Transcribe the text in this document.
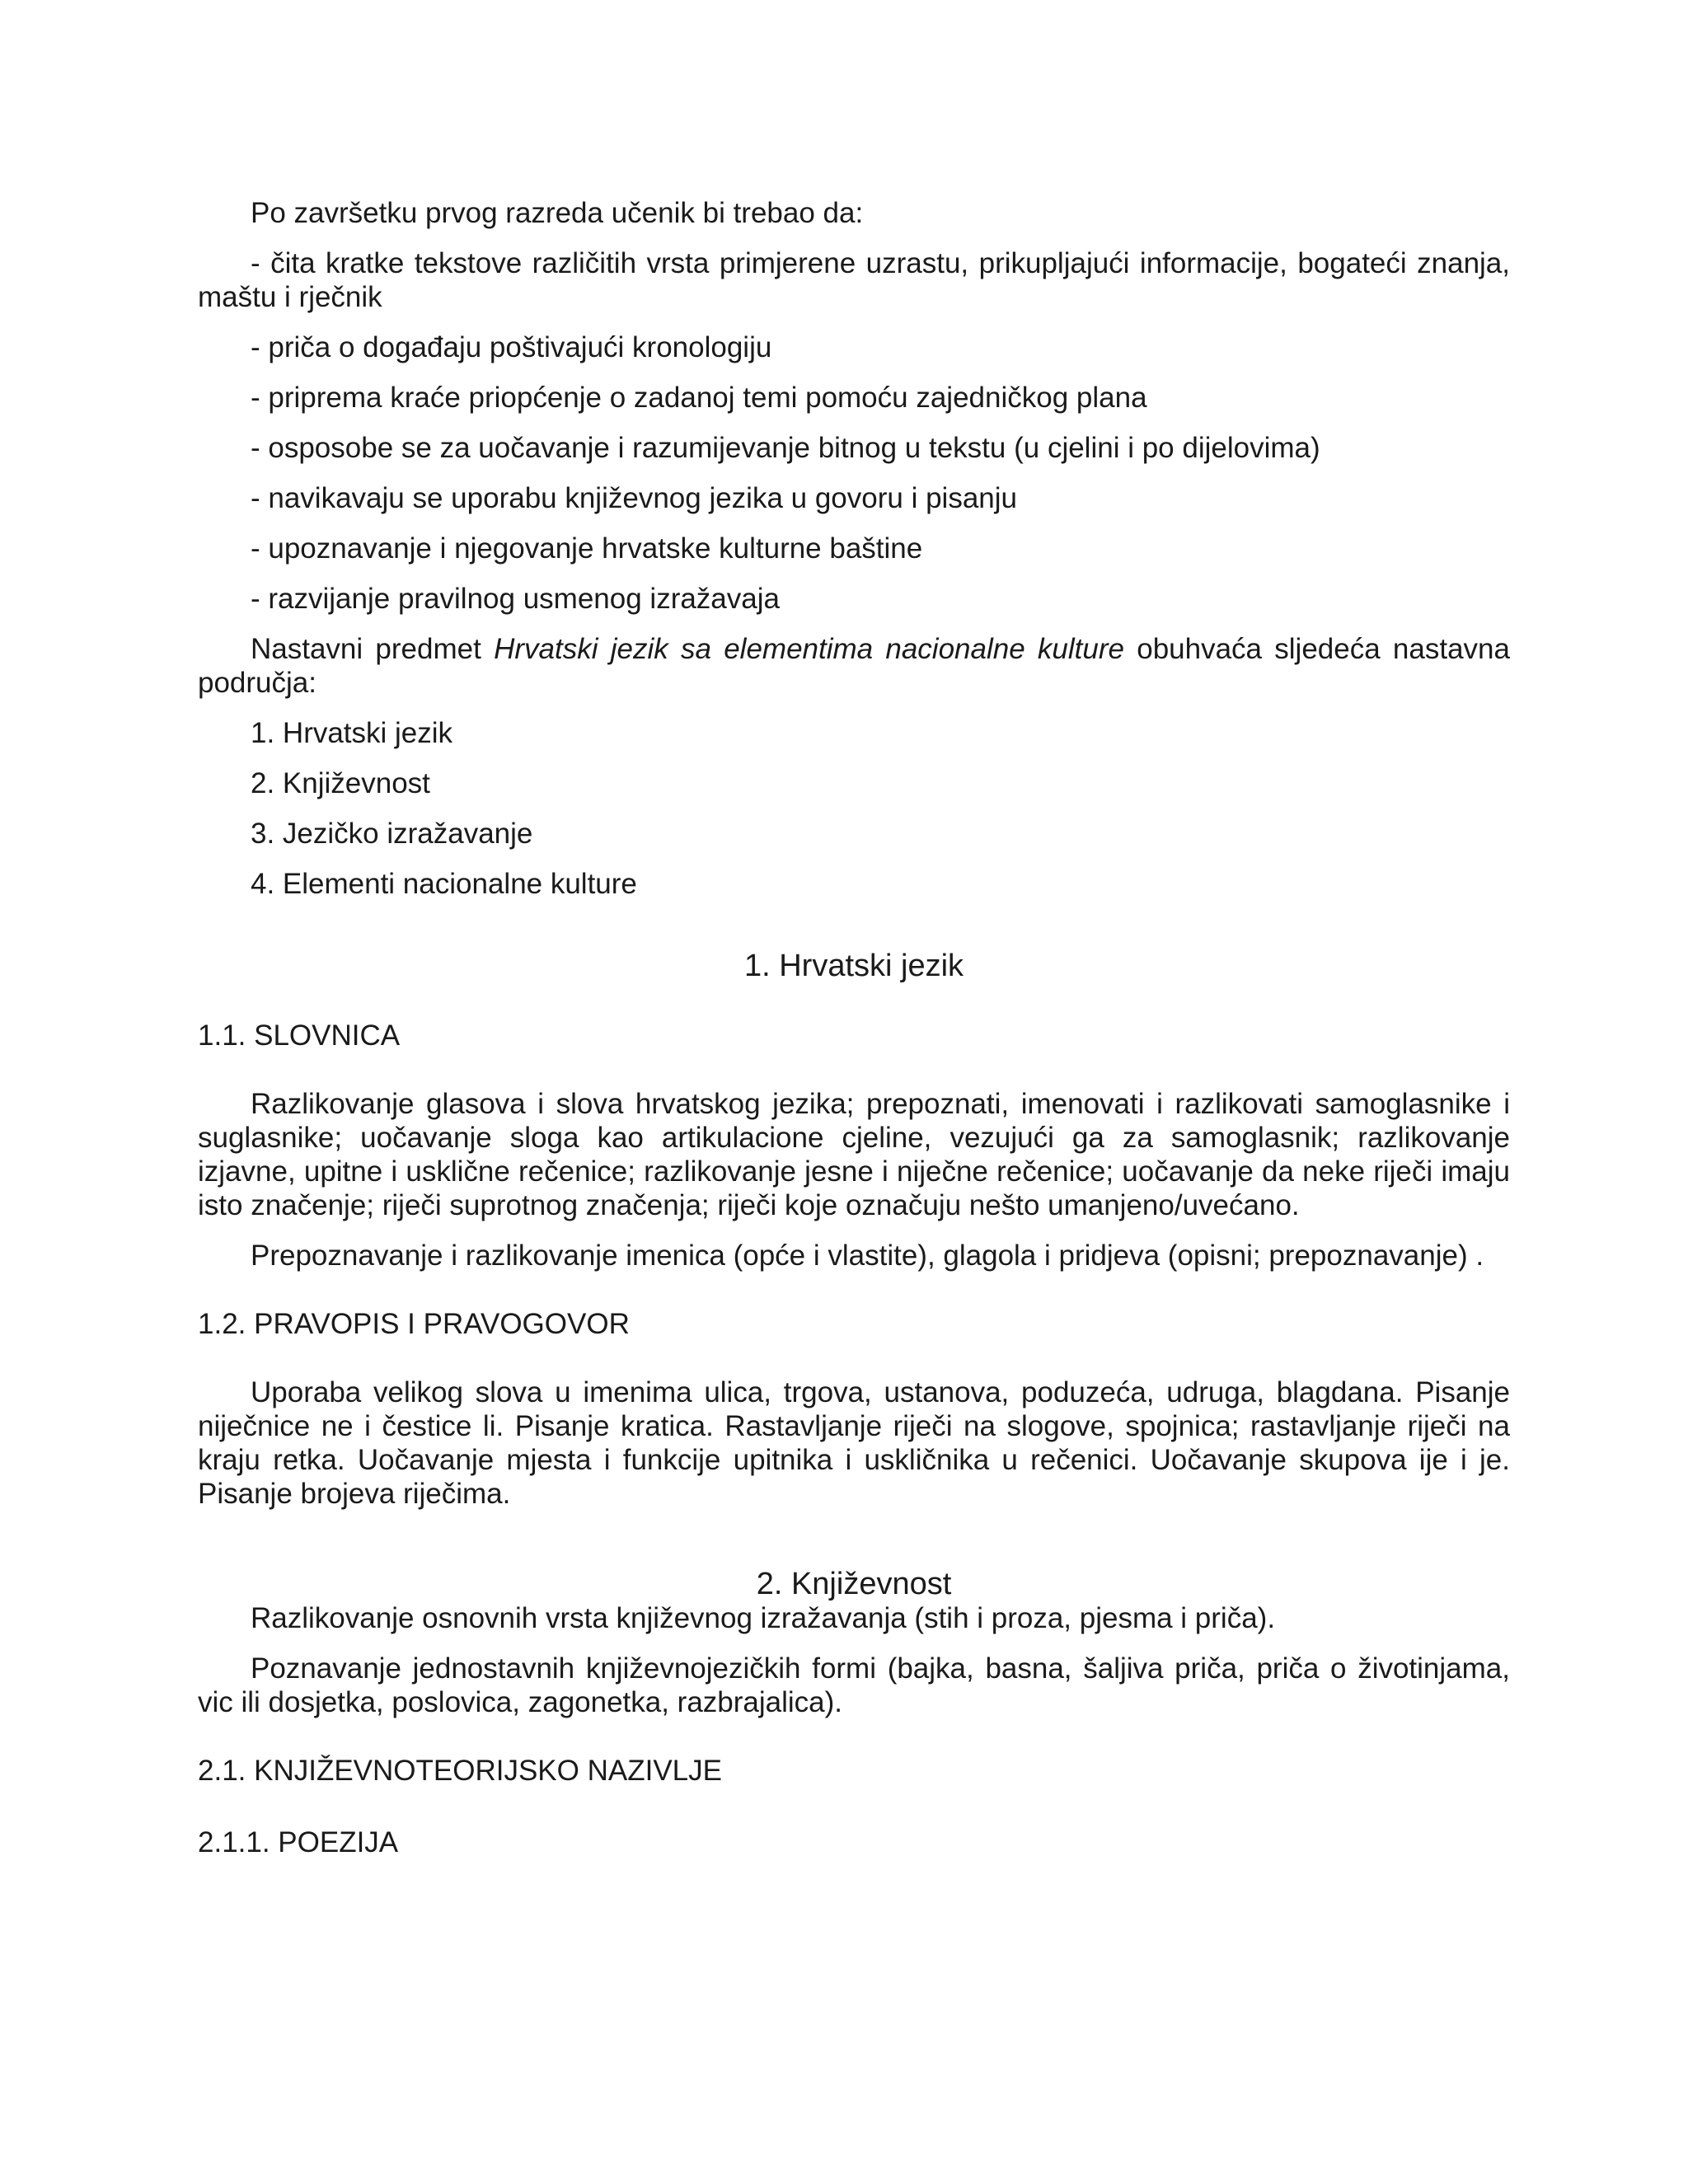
Po završetku prvog razreda učenik bi trebao da:

- čita kratke tekstove različitih vrsta primjerene uzrastu, prikupljajući informacije, bogateći znanja, maštu i rječnik

- priča o događaju poštivajući kronologiju

- priprema kraće priopćenje o zadanoj temi pomoću zajedničkog plana

- osposobe se za uočavanje i razumijevanje bitnog u tekstu (u cjelini i po dijelovima)

- navikavaju se uporabu književnog jezika u govoru i pisanju

- upoznavanje i njegovanje hrvatske kulturne baštine

- razvijanje pravilnog usmenog izražavaja

Nastavni predmet Hrvatski jezik sa elementima nacionalne kulture obuhvaća sljedeća nastavna područja:

1. Hrvatski jezik

2. Književnost

3. Jezičko izražavanje

4. Elementi nacionalne kulture

1. Hrvatski jezik

1.1. SLOVNICA

Razlikovanje glasova i slova hrvatskog jezika; prepoznati, imenovati i razlikovati samoglasnike i suglasnike; uočavanje sloga kao artikulacione cjeline, vezujući ga za samoglasnik; razlikovanje izjavne, upitne i usklične rečenice; razlikovanje jesne i niječne rečenice; uočavanje da neke riječi imaju isto značenje; riječi suprotnog značenja; riječi koje označuju nešto umanjeno/uvećano.

Prepoznavanje i razlikovanje imenica (opće i vlastite), glagola i pridjeva (opisni; prepoznavanje) .

1.2. PRAVOPIS I PRAVOGOVOR

Uporaba velikog slova u imenima ulica, trgova, ustanova, poduzeća, udruga, blagdana. Pisanje niječnice ne i čestice li. Pisanje kratica. Rastavljanje riječi na slogove, spojnica; rastavljanje riječi na kraju retka. Uočavanje mjesta i funkcije upitnika i uskličnika u rečenici. Uočavanje skupova ije i je. Pisanje brojeva riječima.

2. Književnost

Razlikovanje osnovnih vrsta književnog izražavanja (stih i proza, pjesma i priča).

Poznavanje jednostavnih književnojezičkih formi (bajka, basna, šaljiva priča, priča o životinjama, vic ili dosjetka, poslovica, zagonetka, razbrajalica).

2.1. KNJIŽEVNOTEORIJSKO NAZIVLJE

2.1.1. POEZIJA
